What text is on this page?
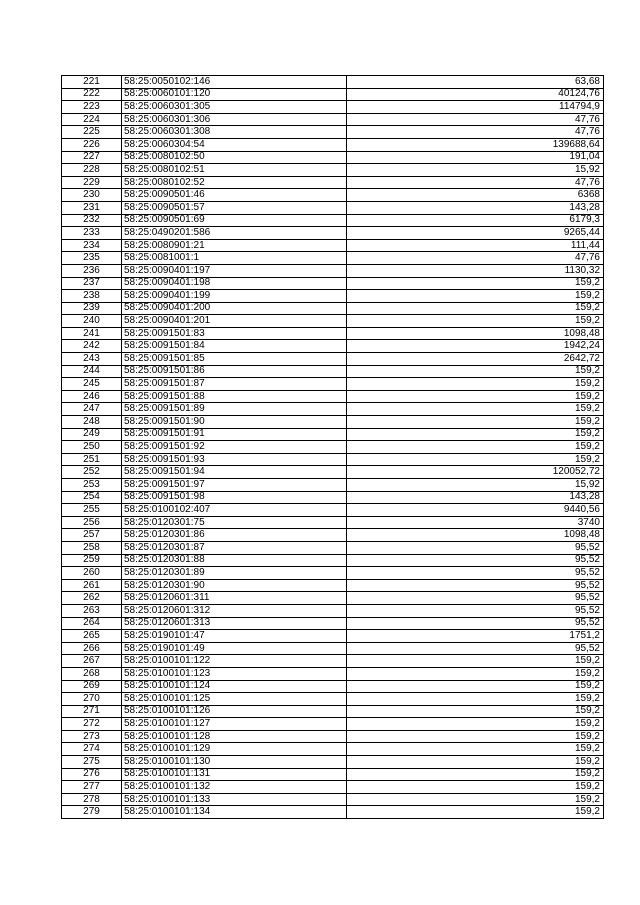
221	58:25:0050102:146	63,68
222	58:25:0060101:120	40124,76
223	58:25:0060301:305	114794,9
224	58:25:0060301:306	47,76
225	58:25:0060301:308	47,76
226	58:25:0060304:54	139688,64
227	58:25:0080102:50	191,04
228	58:25:0080102:51	15,92
229	58:25:0080102:52	47,76
230	58:25:0090501:46	6368
231	58:25:0090501:57	143,28
232	58:25:0090501:69	6179,3
233	58:25:0490201:586	9265,44
234	58:25:0080901:21	111,44
235	58:25:0081001:1	47,76
236	58:25:0090401:197	1130,32
237	58:25:0090401:198	159,2
238	58:25:0090401:199	159,2
239	58:25:0090401:200	159,2
240	58:25:0090401:201	159,2
241	58:25:0091501:83	1098,48
242	58:25:0091501:84	1942,24
243	58:25:0091501:85	2642,72
244	58:25:0091501:86	159,2
245	58:25:0091501:87	159,2
246	58:25:0091501:88	159,2
247	58:25:0091501:89	159,2
248	58:25:0091501:90	159,2
249	58:25:0091501:91	159,2
250	58:25:0091501:92	159,2
251	58:25:0091501:93	159,2
252	58:25:0091501:94	120052,72
253	58:25:0091501:97	15,92
254	58:25:0091501:98	143,28
255	58:25:0100102:407	9440,56
256	58:25:0120301:75	3740
257	58:25:0120301:86	1098,48
258	58:25:0120301:87	95,52
259	58:25:0120301:88	95,52
260	58:25:0120301:89	95,52
261	58:25:0120301:90	95,52
262	58:25:0120601:311	95,52
263	58:25:0120601:312	95,52
264	58:25:0120601:313	95,52
265	58:25:0190101:47	1751,2
266	58:25:0190101:49	95,52
267	58:25:0100101:122	159,2
268	58:25:0100101:123	159,2
269	58:25:0100101:124	159,2
270	58:25:0100101:125	159,2
271	58:25:0100101:126	159,2
272	58:25:0100101:127	159,2
273	58:25:0100101:128	159,2
274	58:25:0100101:129	159,2
275	58:25:0100101:130	159,2
276	58:25:0100101:131	159,2
277	58:25:0100101:132	159,2
278	58:25:0100101:133	159,2
279	58:25:0100101:134	159,2
